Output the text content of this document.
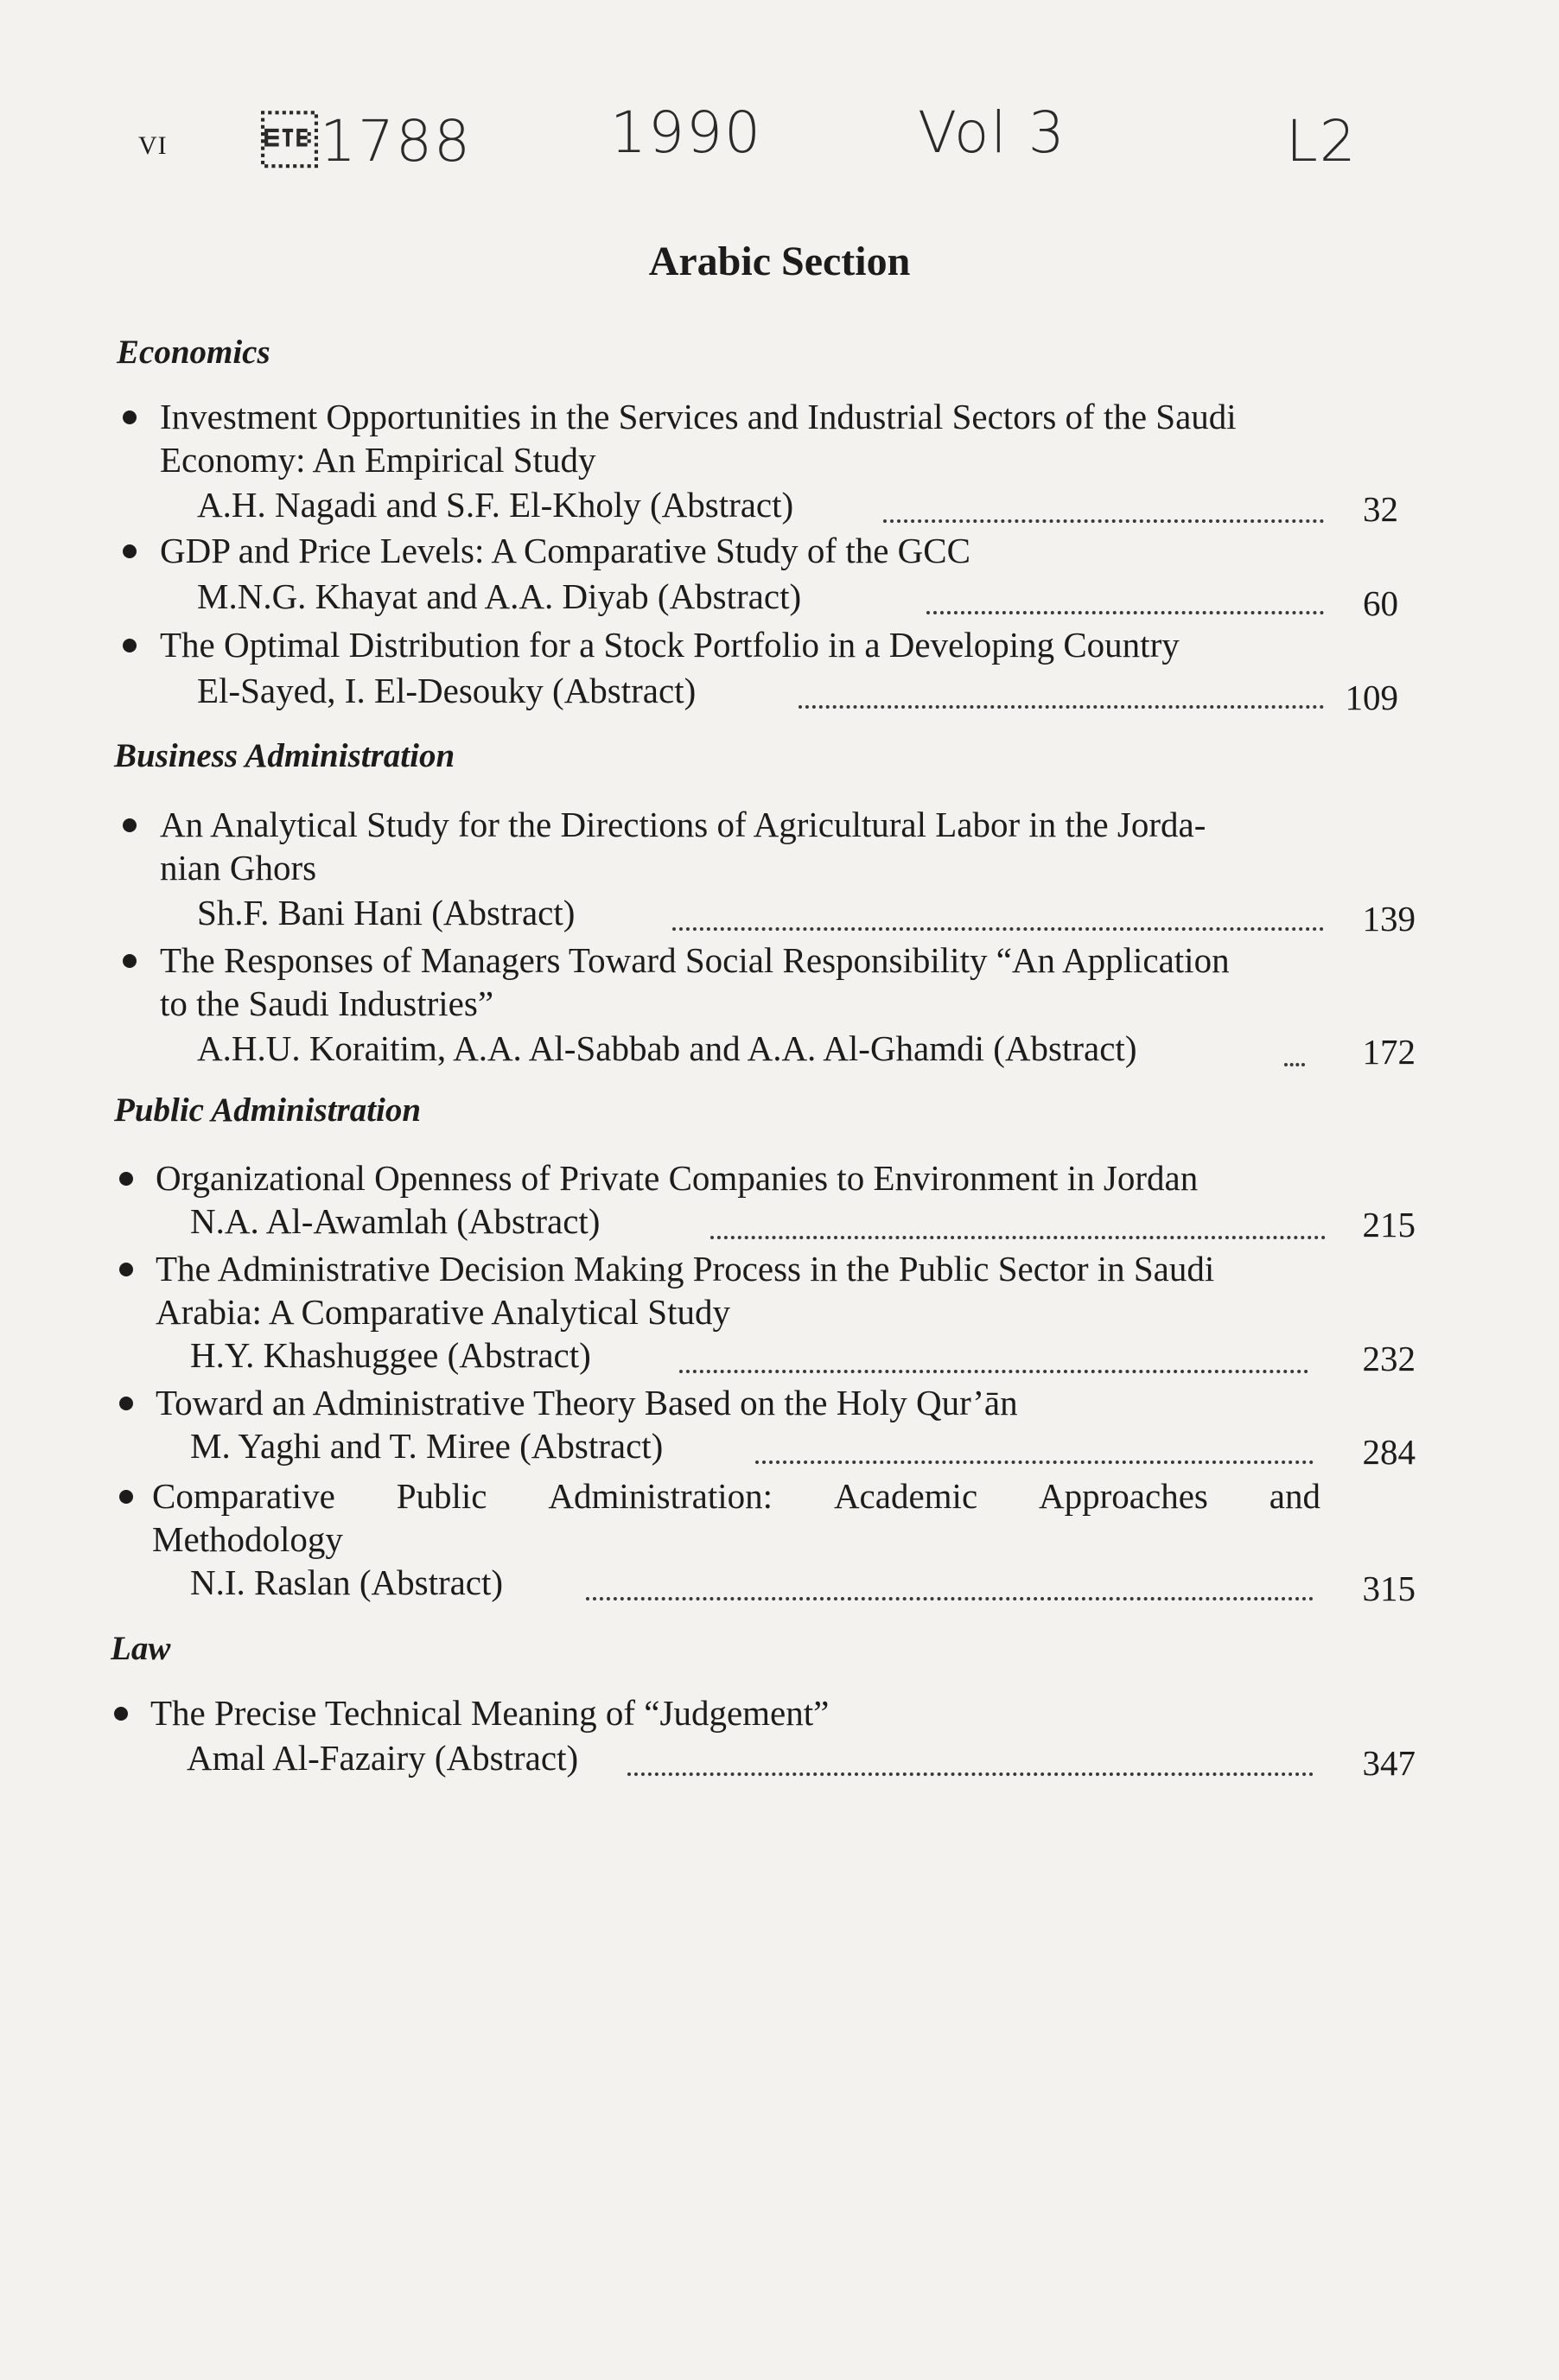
VI 1788 1990	Vol 3	L2
Arabic Section
Economics
Investment Opportunities in the Services and Industrial Sectors of the Saudi
Economy: An Empirical Study
A.H. Nagadi and S.F. El-Kholy (Abstract)	32
GDP and Price Levels: A Comparative Study of the GCC
M.N.G. Khayat and A.A. Diyab (Abstract)	60
The Optimal Distribution for a Stock Portfolio in a Developing Country
El-Sayed, I. El-Desouky (Abstract)	109
Business Administration
An Analytical Study for the Directions of Agricultural Labor in the Jorda-
nian Ghors
Sh.F. Bani Hani (Abstract)	139
The Responses of Managers Toward Social Responsibility “An Application
to the Saudi Industries”
A.H.U. Koraitim, A.A. Al-Sabbab and A.A. Al-Ghamdi (Abstract)	172
Public Administration
Organizational Openness of Private Companies to Environment in Jordan
N.A. Al-Awamlah (Abstract)	215
The Administrative Decision Making Process in the Public Sector in Saudi
Arabia: A Comparative Analytical Study
H.Y. Khashuggee (Abstract)	232
Toward an Administrative Theory Based on the Holy Qur’ān
M. Yaghi and T. Miree (Abstract)	284
Comparative Public Administration: Academic Approaches and
Methodology
N.I. Raslan (Abstract)	315
Law
The Precise Technical Meaning of “Judgement”
Amal Al-Fazairy (Abstract)	347
